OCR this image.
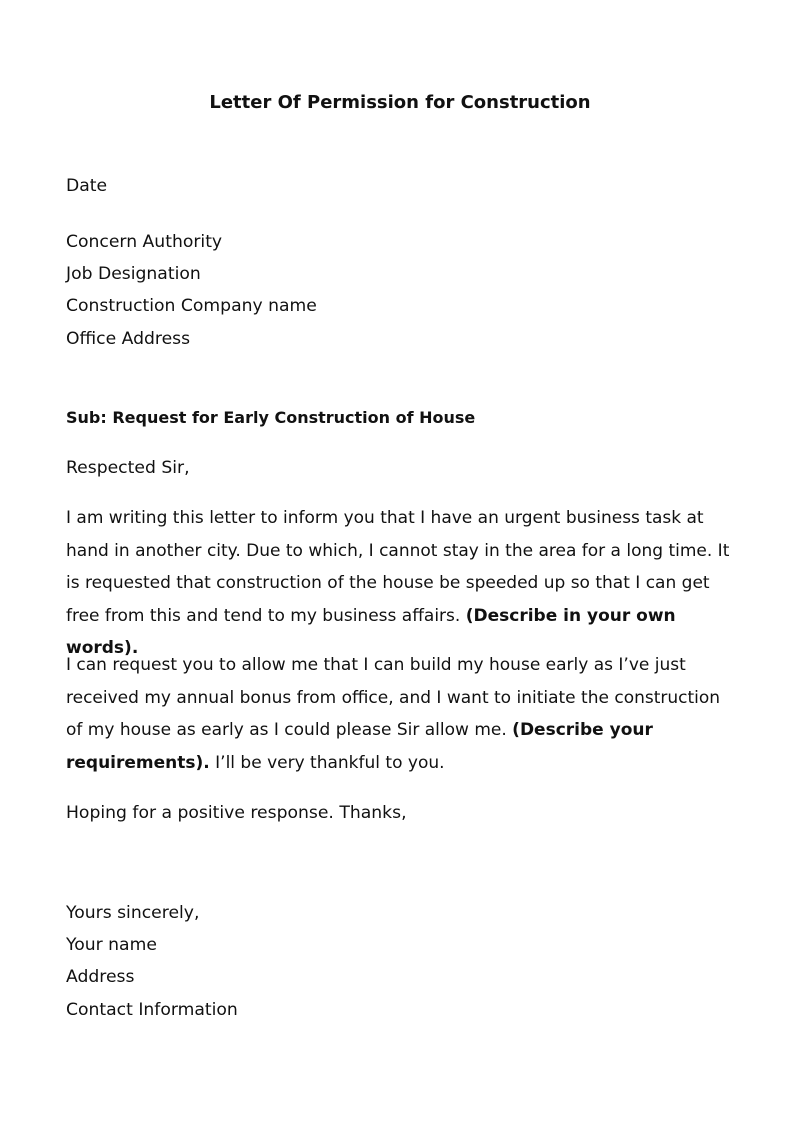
Letter Of Permission for Construction
Date
Concern Authority
Job Designation
Construction Company name
Office Address
Sub: Request for Early Construction of House
Respected Sir,
I am writing this letter to inform you that I have an urgent business task at hand in another city. Due to which, I cannot stay in the area for a long time. It is requested that construction of the house be speeded up so that I can get free from this and tend to my business affairs. (Describe in your own words).
I can request you to allow me that I can build my house early as I’ve just received my annual bonus from office, and I want to initiate the construction of my house as early as I could please Sir allow me. (Describe your requirements). I’ll be very thankful to you.
Hoping for a positive response. Thanks,
Yours sincerely,
Your name
Address
Contact Information
